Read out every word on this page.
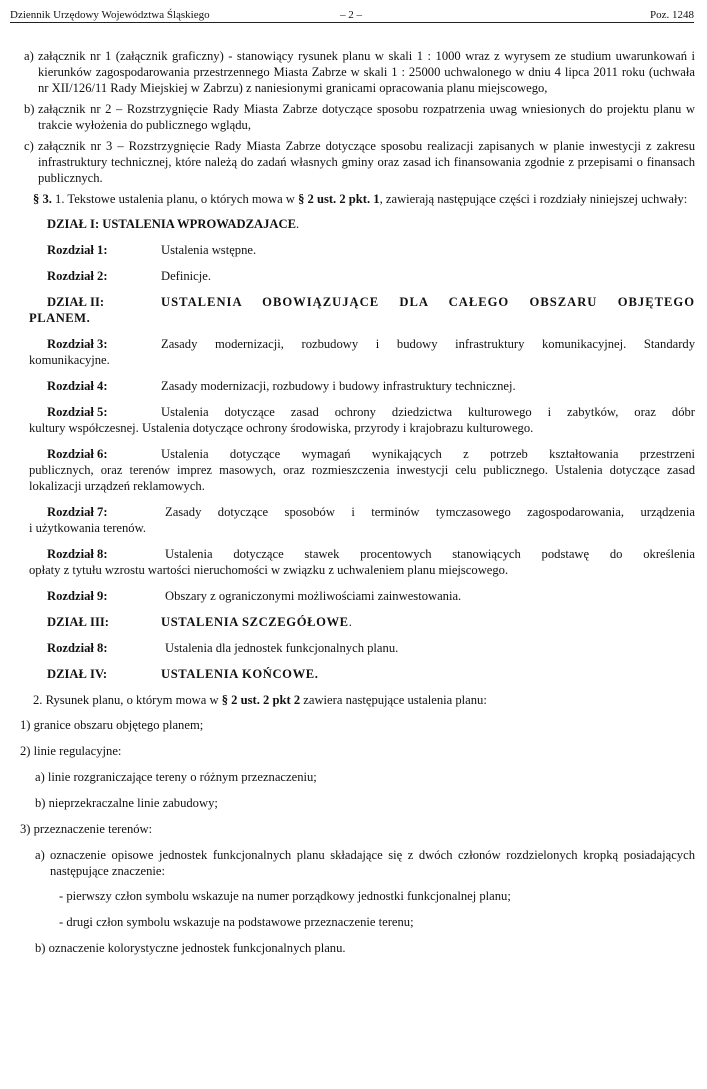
Dziennik Urzędowy Województwa Śląskiego	– 2 –	Poz. 1248
a) załącznik nr 1 (załącznik graficzny) - stanowiący rysunek planu w skali 1 : 1000 wraz z wyrysem ze studium uwarunkowań i kierunków zagospodarowania przestrzennego Miasta Zabrze w skali 1 : 25000 uchwalonego w dniu 4 lipca 2011 roku (uchwała nr XII/126/11 Rady Miejskiej w Zabrzu) z naniesionymi granicami opracowania planu miejscowego,
b) załącznik nr 2 – Rozstrzygnięcie Rady Miasta Zabrze dotyczące sposobu rozpatrzenia uwag wniesionych do projektu planu w trakcie wyłożenia do publicznego wglądu,
c) załącznik nr 3 – Rozstrzygnięcie Rady Miasta Zabrze dotyczące sposobu realizacji zapisanych w planie inwestycji z zakresu infrastruktury technicznej, które należą do zadań własnych gminy oraz zasad ich finansowania zgodnie z przepisami o finansach publicznych.

§ 3. 1. Tekstowe ustalenia planu, o których mowa w § 2 ust. 2 pkt. 1, zawierają następujące części i rozdziały niniejszej uchwały:

DZIAŁ I: USTALENIA WPROWADZAJACE.

Rozdział 1:	Ustalenia wstępne.
Rozdział 2:	Definicje.
DZIAŁ II:	USTALENIA OBOWIĄZUJĄCE DLA CAŁEGO OBSZARU OBJĘTEGO

PLANEM.

Rozdział 3:	Zasady modernizacji, rozbudowy i budowy infrastruktury komunikacyjnej. Standardy

komunikacyjne.

Rozdział 4:	Zasady modernizacji, rozbudowy i budowy infrastruktury technicznej.
Rozdział 5:	Ustalenia dotyczące zasad ochrony dziedzictwa kulturowego i zabytków, oraz dóbr

kultury współczesnej. Ustalenia dotyczące ochrony środowiska, przyrody i krajobrazu kulturowego.

Rozdział 6:	Ustalenia dotyczące wymagań wynikających z potrzeb kształtowania przestrzeni

publicznych, oraz terenów imprez masowych, oraz rozmieszczenia inwestycji celu publicznego. Ustalenia dotyczące zasad lokalizacji urządzeń reklamowych.

Rozdział 7:	Zasady dotyczące sposobów i terminów tymczasowego zagospodarowania, urządzenia

i użytkowania terenów.

Rozdział 8:	Ustalenia dotyczące stawek procentowych stanowiących podstawę do określenia

opłaty z tytułu wzrostu wartości nieruchomości w związku z uchwaleniem planu miejscowego.

Rozdział 9:	Obszary z ograniczonymi możliwościami zainwestowania.
DZIAŁ III:	USTALENIA SZCZEGÓŁOWE .
Rozdział 8:	Ustalenia dla jednostek funkcjonalnych planu.
DZIAŁ IV:	USTALENIA KOŃCOWE.

2. Rysunek planu, o którym mowa w § 2 ust. 2 pkt 2 zawiera następujące ustalenia planu:

1) granice obszaru objętego planem;

2) linie regulacyjne:

a) linie rozgraniczające tereny o różnym przeznaczeniu;

b) nieprzekraczalne linie zabudowy;

3) przeznaczenie terenów:

a) oznaczenie opisowe jednostek funkcjonalnych planu składające się z dwóch członów rozdzielonych kropką posiadających następujące znaczenie:

- pierwszy człon symbolu wskazuje na numer porządkowy jednostki funkcjonalnej planu;

- drugi człon symbolu wskazuje na podstawowe przeznaczenie terenu;

b) oznaczenie kolorystyczne jednostek funkcjonalnych planu.
